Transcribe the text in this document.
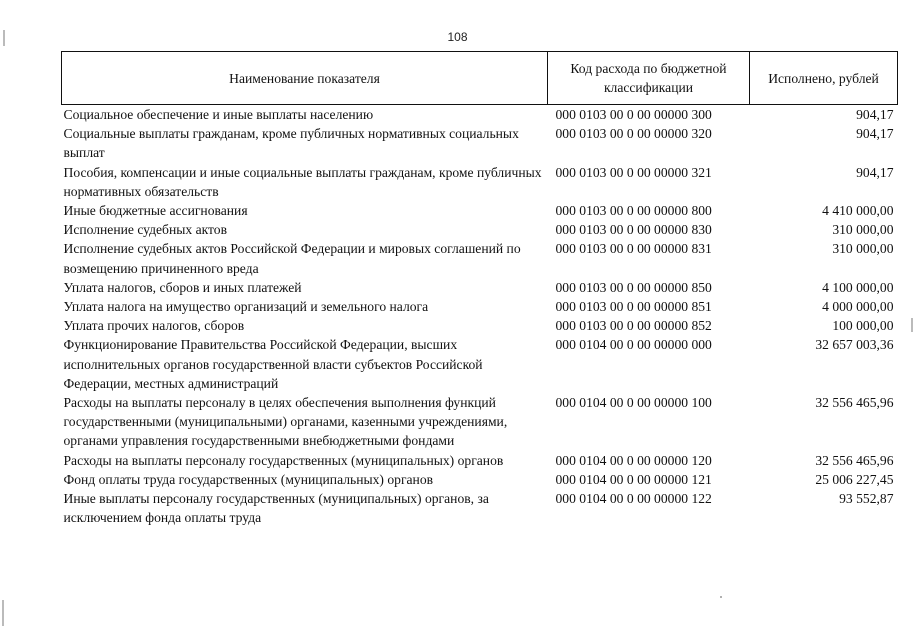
108
Наименование показателя	Код расхода по бюджетной классификации	Исполнено, рублей
Социальное обеспечение и иные выплаты населению	000 0103 00 0 00 00000 300	904,17
Социальные выплаты гражданам, кроме публичных нормативных социальных выплат	000 0103 00 0 00 00000 320	904,17
Пособия, компенсации и иные социальные выплаты гражданам, кроме публичных нормативных обязательств	000 0103 00 0 00 00000 321	904,17
Иные бюджетные ассигнования	000 0103 00 0 00 00000 800	4 410 000,00
Исполнение судебных актов	000 0103 00 0 00 00000 830	310 000,00
Исполнение судебных актов Российской Федерации и мировых соглашений по возмещению причиненного вреда	000 0103 00 0 00 00000 831	310 000,00
Уплата налогов, сборов и иных платежей	000 0103 00 0 00 00000 850	4 100 000,00
Уплата налога на имущество организаций и земельного налога	000 0103 00 0 00 00000 851	4 000 000,00
Уплата прочих налогов, сборов	000 0103 00 0 00 00000 852	100 000,00
Функционирование Правительства Российской Федерации, высших исполнительных органов государственной власти субъектов Российской Федерации, местных администраций	000 0104 00 0 00 00000 000	32 657 003,36
Расходы на выплаты персоналу в целях обеспечения выполнения функций государственными (муниципальными) органами, казенными учреждениями, органами управления государственными внебюджетными фондами	000 0104 00 0 00 00000 100	32 556 465,96
Расходы на выплаты персоналу государственных (муниципальных) органов	000 0104 00 0 00 00000 120	32 556 465,96
Фонд оплаты труда государственных (муниципальных) органов	000 0104 00 0 00 00000 121	25 006 227,45
Иные выплаты персоналу государственных (муниципальных) органов, за исключением фонда оплаты труда	000 0104 00 0 00 00000 122	93 552,87
